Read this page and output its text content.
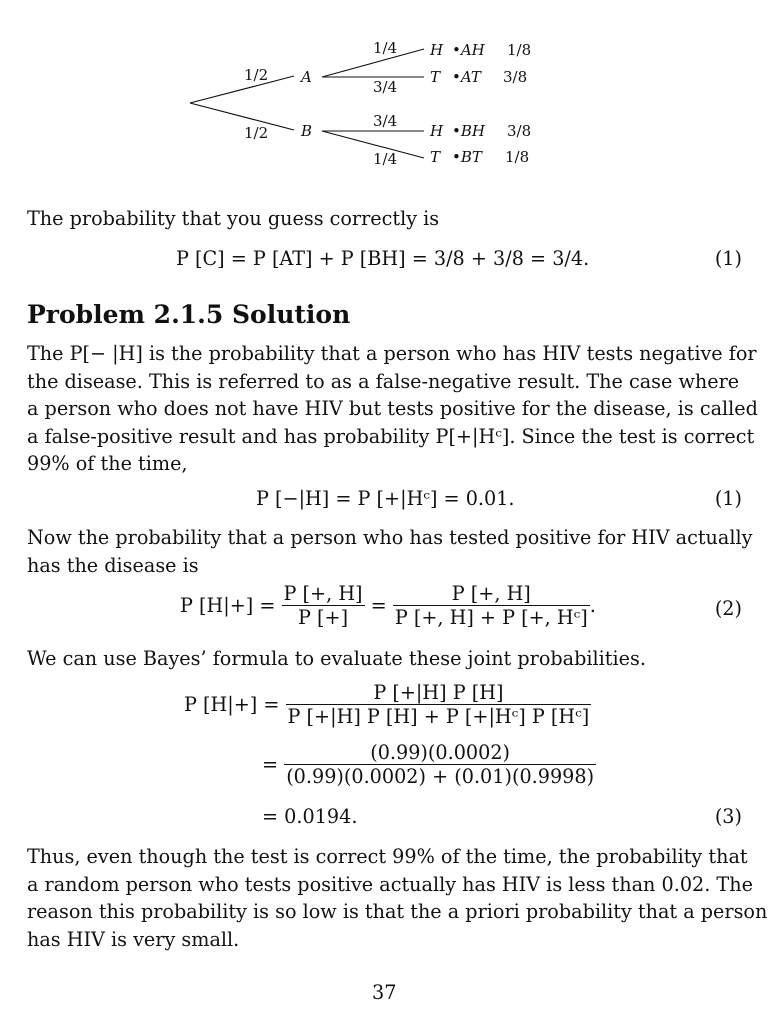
1/2
1/2
A
B
1/4
3/4
3/4
1/4
H •AH 1/8
T •AT 3/8
H •BH 3/8
T •BT 1/8
The probability that you guess correctly is
P [C] = P [AT] + P [BH] = 3/8 + 3/8 = 3/4.	(1)
Problem 2.1.5 Solution
The P[− |H] is the probability that a person who has HIV tests negative for
the disease. This is referred to as a false-negative result. The case where
a person who does not have HIV but tests positive for the disease, is called
a false-positive result and has probability P[+|Hᶜ]. Since the test is correct
99% of the time,
P [−|H] = P [+|Hᶜ] = 0.01.	(1)
Now the probability that a person who has tested positive for HIV actually
has the disease is
P $[H|+] = \frac{P [+, H]}{P [+]} = \frac{P [+, H]}{\text{P [+, H] + P [+, Hᶜ]}}$ .	(2)
We can use Bayes’ formula to evaluate these joint probabilities.
P $[H|+] = \frac{P [+|H] P [H]}{\text{P [+|H] P [H] + P [+|Hᶜ] P [Hᶜ]}}$
= $\frac{(0.99)(0.0002)}{(0.99)(0.0002) + (0.01)(0.9998)}$
= 0.0194.	(3)
Thus, even though the test is correct 99% of the time, the probability that
a random person who tests positive actually has HIV is less than 0.02. The
reason this probability is so low is that the a priori probability that a person
has HIV is very small.
37
